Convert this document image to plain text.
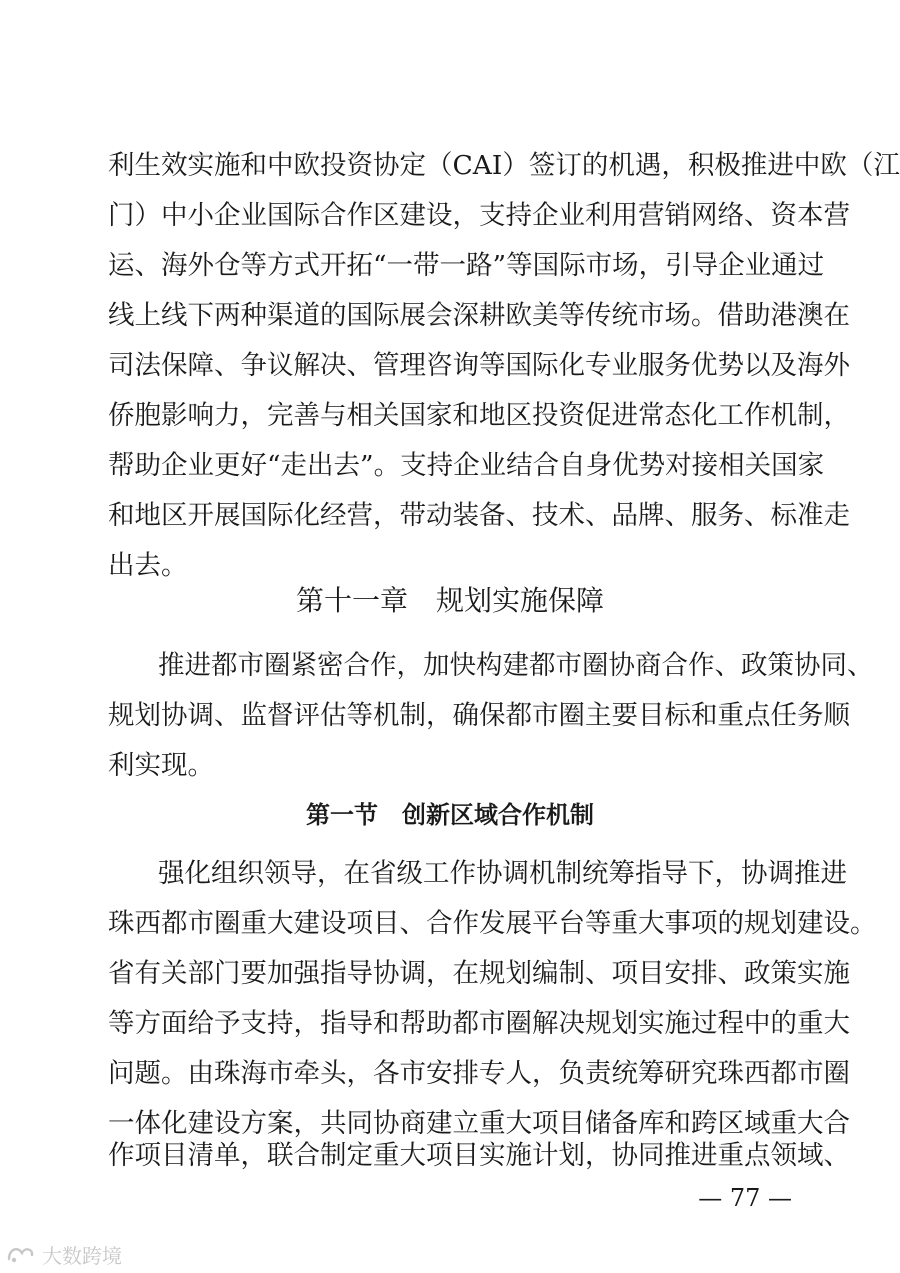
利生效实施和中欧投资协定（CAI）签订的机遇，积极推进中欧（江
门）中小企业国际合作区建设，支持企业利用营销网络、资本营
运、海外仓等方式开拓“一带一路”等国际市场，引导企业通过
线上线下两种渠道的国际展会深耕欧美等传统市场。借助港澳在
司法保障、争议解决、管理咨询等国际化专业服务优势以及海外
侨胞影响力，完善与相关国家和地区投资促进常态化工作机制，
帮助企业更好“走出去”。支持企业结合自身优势对接相关国家
和地区开展国际化经营，带动装备、技术、品牌、服务、标准走
出去。
第十一章　规划实施保障
推进都市圈紧密合作，加快构建都市圈协商合作、政策协同、
规划协调、监督评估等机制，确保都市圈主要目标和重点任务顺
利实现。
第一节　创新区域合作机制
强化组织领导，在省级工作协调机制统筹指导下，协调推进
珠西都市圈重大建设项目、合作发展平台等重大事项的规划建设。
省有关部门要加强指导协调，在规划编制、项目安排、政策实施
等方面给予支持，指导和帮助都市圈解决规划实施过程中的重大
问题。由珠海市牵头，各市安排专人，负责统筹研究珠西都市圈
一体化建设方案，共同协商建立重大项目储备库和跨区域重大合
作项目清单，联合制定重大项目实施计划，协同推进重点领域、
— 77 —
大数跨境
